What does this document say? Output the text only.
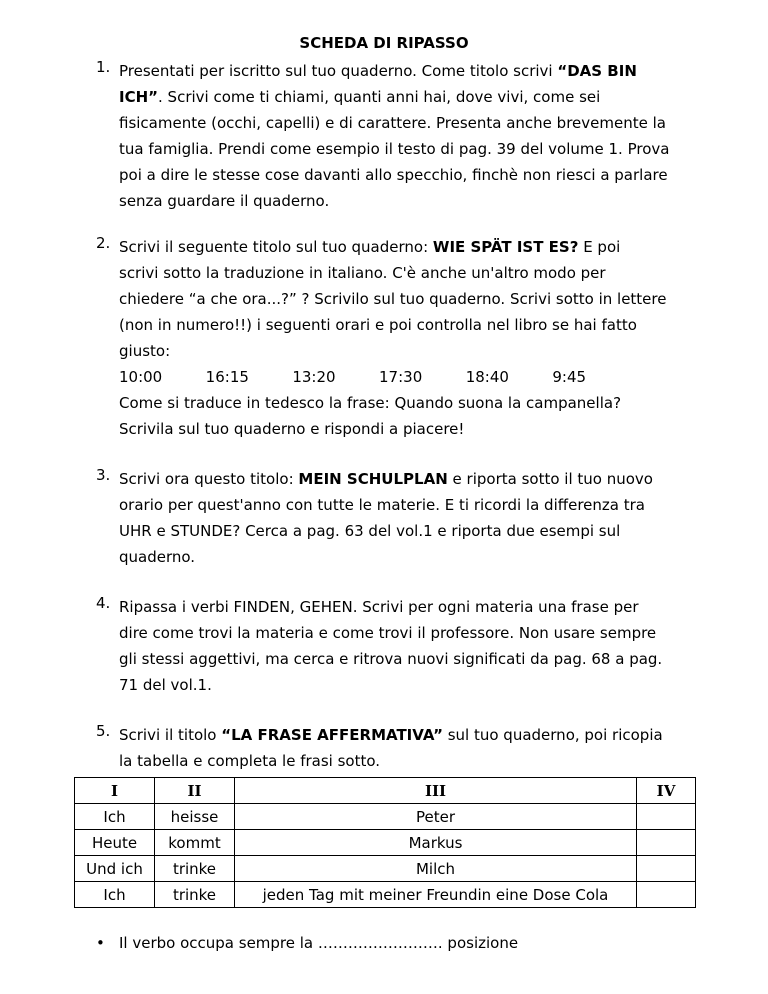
SCHEDA DI RIPASSO
1. Presentati per iscritto sul tuo quaderno. Come titolo scrivi “DAS BIN
ICH”. Scrivi come ti chiami, quanti anni hai, dove vivi, come sei
fisicamente (occhi, capelli) e di carattere. Presenta anche brevemente la
tua famiglia. Prendi come esempio il testo di pag. 39 del volume 1. Prova
poi a dire le stesse cose davanti allo specchio, finchè non riesci a parlare
senza guardare il quaderno.
2. Scrivi il seguente titolo sul tuo quaderno: WIE SPÄT IST ES? E poi
scrivi sotto la traduzione in italiano. C'è anche un'altro modo per
chiedere “a che ora...?” ? Scrivilo sul tuo quaderno. Scrivi sotto in lettere
(non in numero!!) i seguenti orari e poi controlla nel libro se hai fatto
giusto:
10:00	16:15	13:20	17:30	18:40	9:45
Come si traduce in tedesco la frase: Quando suona la campanella?
Scrivila sul tuo quaderno e rispondi a piacere!
3. Scrivi ora questo titolo: MEIN SCHULPLAN e riporta sotto il tuo nuovo
orario per quest'anno con tutte le materie. E ti ricordi la differenza tra
UHR e STUNDE? Cerca a pag. 63 del vol.1 e riporta due esempi sul
quaderno.
4. Ripassa i verbi FINDEN, GEHEN. Scrivi per ogni materia una frase per
dire come trovi la materia e come trovi il professore. Non usare sempre
gli stessi aggettivi, ma cerca e ritrova nuovi significati da pag. 68 a pag.
71 del vol.1.
5. Scrivi il titolo “LA FRASE AFFERMATIVA” sul tuo quaderno, poi ricopia
la tabella e completa le frasi sotto.
I	II	III	IV
Ich	heisse	Peter	
Heute	kommt	Markus	
Und ich	trinke	Milch	
Ich	trinke	jeden Tag mit meiner Freundin eine Dose Cola	
• Il verbo occupa sempre la ……………………. posizione
